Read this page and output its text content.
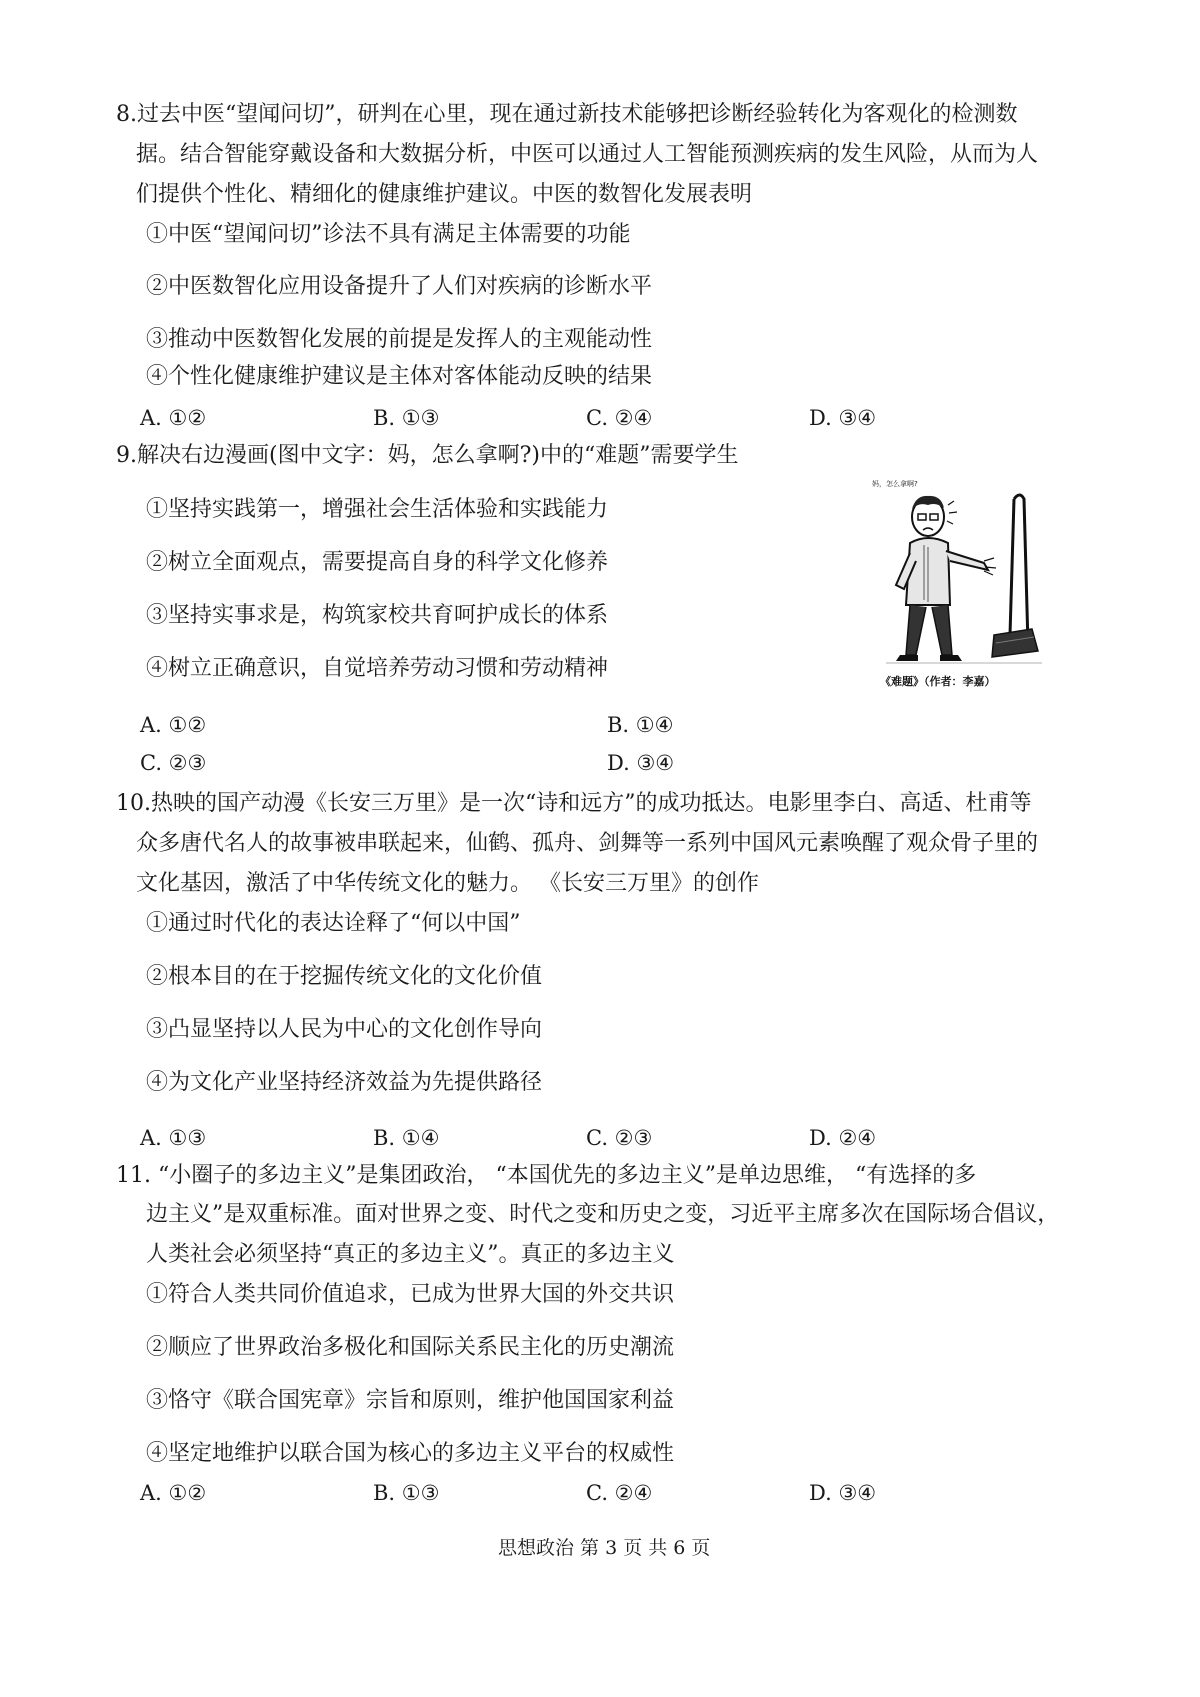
8.过去中医“望闻问切”，研判在心里，现在通过新技术能够把诊断经验转化为客观化的检测数
据。结合智能穿戴设备和大数据分析，中医可以通过人工智能预测疾病的发生风险，从而为人
们提供个性化、精细化的健康维护建议。中医的数智化发展表明
①中医“望闻问切”诊法不具有满足主体需要的功能
②中医数智化应用设备提升了人们对疾病的诊断水平
③推动中医数智化发展的前提是发挥人的主观能动性
④个性化健康维护建议是主体对客体能动反映的结果
A. ①②	B. ①③	C. ②④	D. ③④
9.解决右边漫画(图中文字：妈，怎么拿啊?)中的“难题”需要学生
①坚持实践第一，增强社会生活体验和实践能力
②树立全面观点，需要提高自身的科学文化修养
③坚持实事求是，构筑家校共育呵护成长的体系
④树立正确意识，自觉培养劳动习惯和劳动精神
A. ①②	B. ①④
C. ②③	D. ③④
妈，怎么拿啊?
《难题》（作者：李嘉）
10.热映的国产动漫《长安三万里》是一次“诗和远方”的成功抵达。电影里李白、高适、杜甫等
众多唐代名人的故事被串联起来，仙鹤、孤舟、剑舞等一系列中国风元素唤醒了观众骨子里的
文化基因，激活了中华传统文化的魅力。 《长安三万里》的创作
①通过时代化的表达诠释了“何以中国”
②根本目的在于挖掘传统文化的文化价值
③凸显坚持以人民为中心的文化创作导向
④为文化产业坚持经济效益为先提供路径
A. ①③	B. ①④	C. ②③	D. ②④
11. “小圈子的多边主义”是集团政治， “本国优先的多边主义”是单边思维， “有选择的多
边主义”是双重标准。面对世界之变、时代之变和历史之变，习近平主席多次在国际场合倡议，
人类社会必须坚持“真正的多边主义”。真正的多边主义
①符合人类共同价值追求，已成为世界大国的外交共识
②顺应了世界政治多极化和国际关系民主化的历史潮流
③恪守《联合国宪章》宗旨和原则，维护他国国家利益
④坚定地维护以联合国为核心的多边主义平台的权威性
A. ①②	B. ①③	C. ②④	D. ③④
思想政治 第 3 页 共 6 页
